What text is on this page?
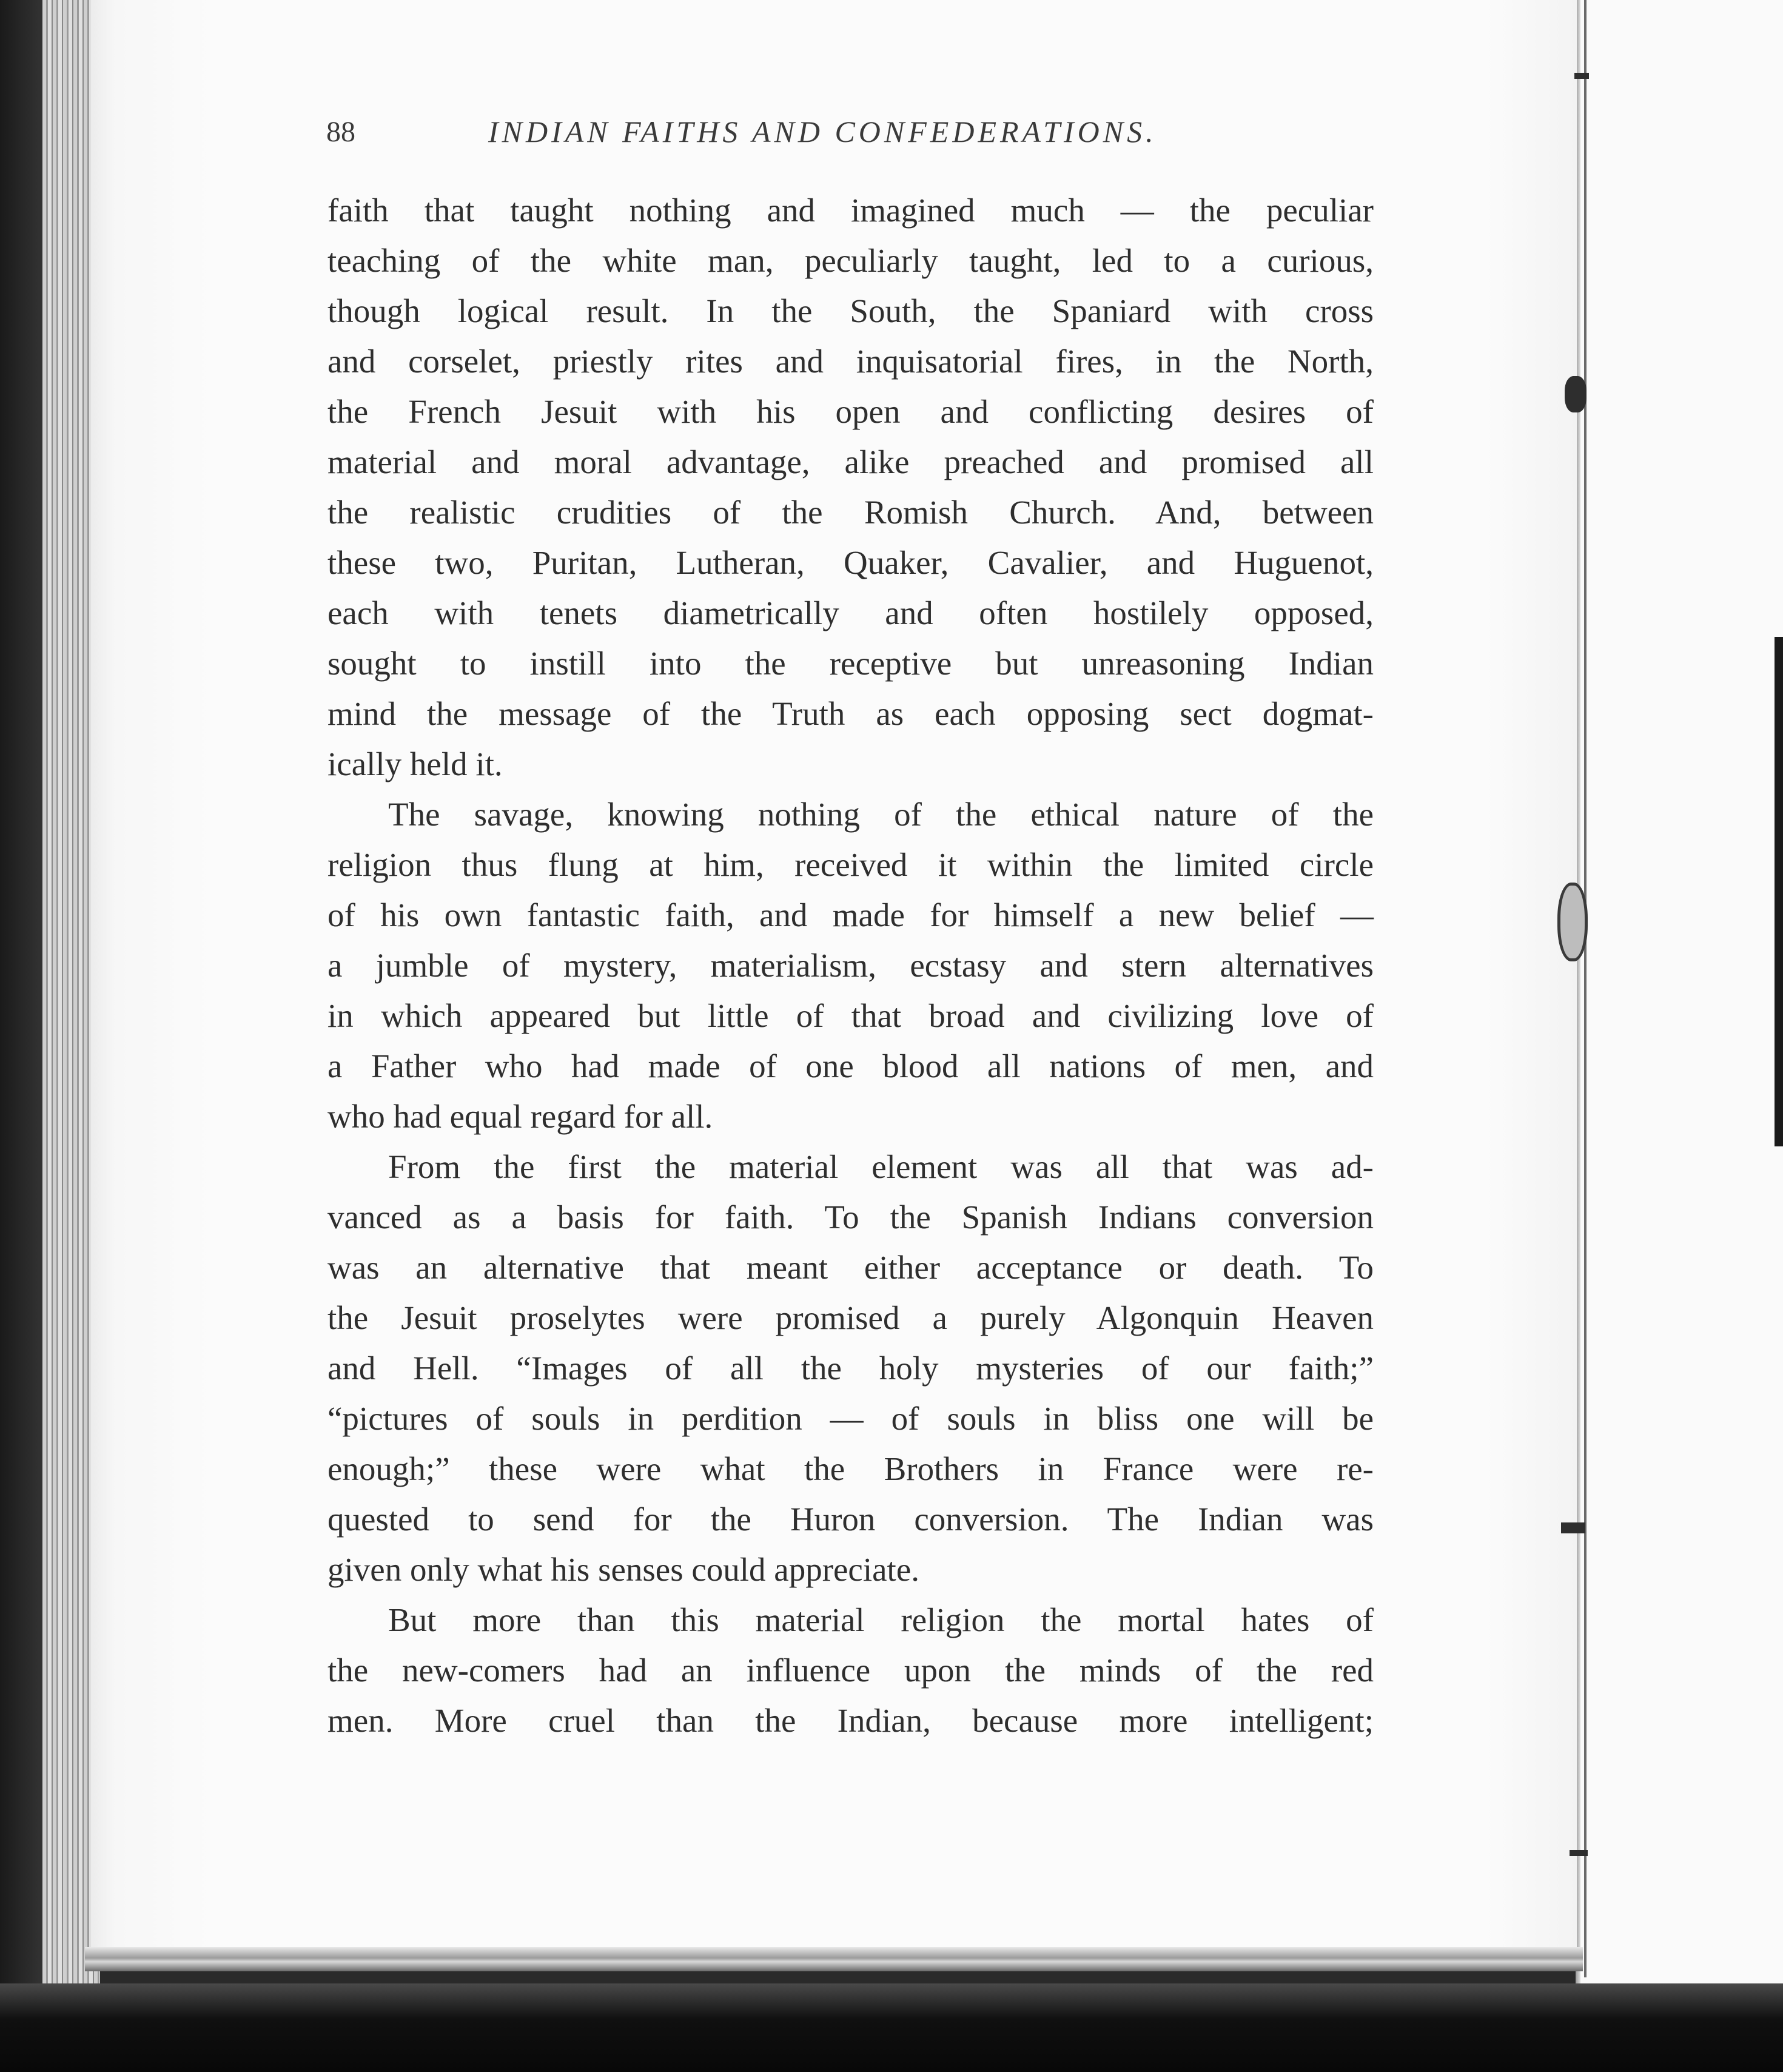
88	INDIAN FAITHS AND CONFEDERATIONS.
faith that taught nothing and imagined much — the peculiar
teaching of the white man, peculiarly taught, led to a curious,
though logical result. In the South, the Spaniard with cross
and corselet, priestly rites and inquisatorial fires, in the North,
the French Jesuit with his open and conflicting desires of
material and moral advantage, alike preached and promised all
the realistic crudities of the Romish Church. And, between
these two, Puritan, Lutheran, Quaker, Cavalier, and Huguenot,
each with tenets diametrically and often hostilely opposed,
sought to instill into the receptive but unreasoning Indian
mind the message of the Truth as each opposing sect dogmat-
ically held it.
The savage, knowing nothing of the ethical nature of the
religion thus flung at him, received it within the limited circle
of his own fantastic faith, and made for himself a new belief —
a jumble of mystery, materialism, ecstasy and stern alternatives
in which appeared but little of that broad and civilizing love of
a Father who had made of one blood all nations of men, and
who had equal regard for all.
From the first the material element was all that was ad-
vanced as a basis for faith. To the Spanish Indians conversion
was an alternative that meant either acceptance or death. To
the Jesuit proselytes were promised a purely Algonquin Heaven
and Hell. “Images of all the holy mysteries of our faith;”
“pictures of souls in perdition — of souls in bliss one will be
enough;” these were what the Brothers in France were re-
quested to send for the Huron conversion. The Indian was
given only what his senses could appreciate.
But more than this material religion the mortal hates of
the new-comers had an influence upon the minds of the red
men. More cruel than the Indian, because more intelligent;
